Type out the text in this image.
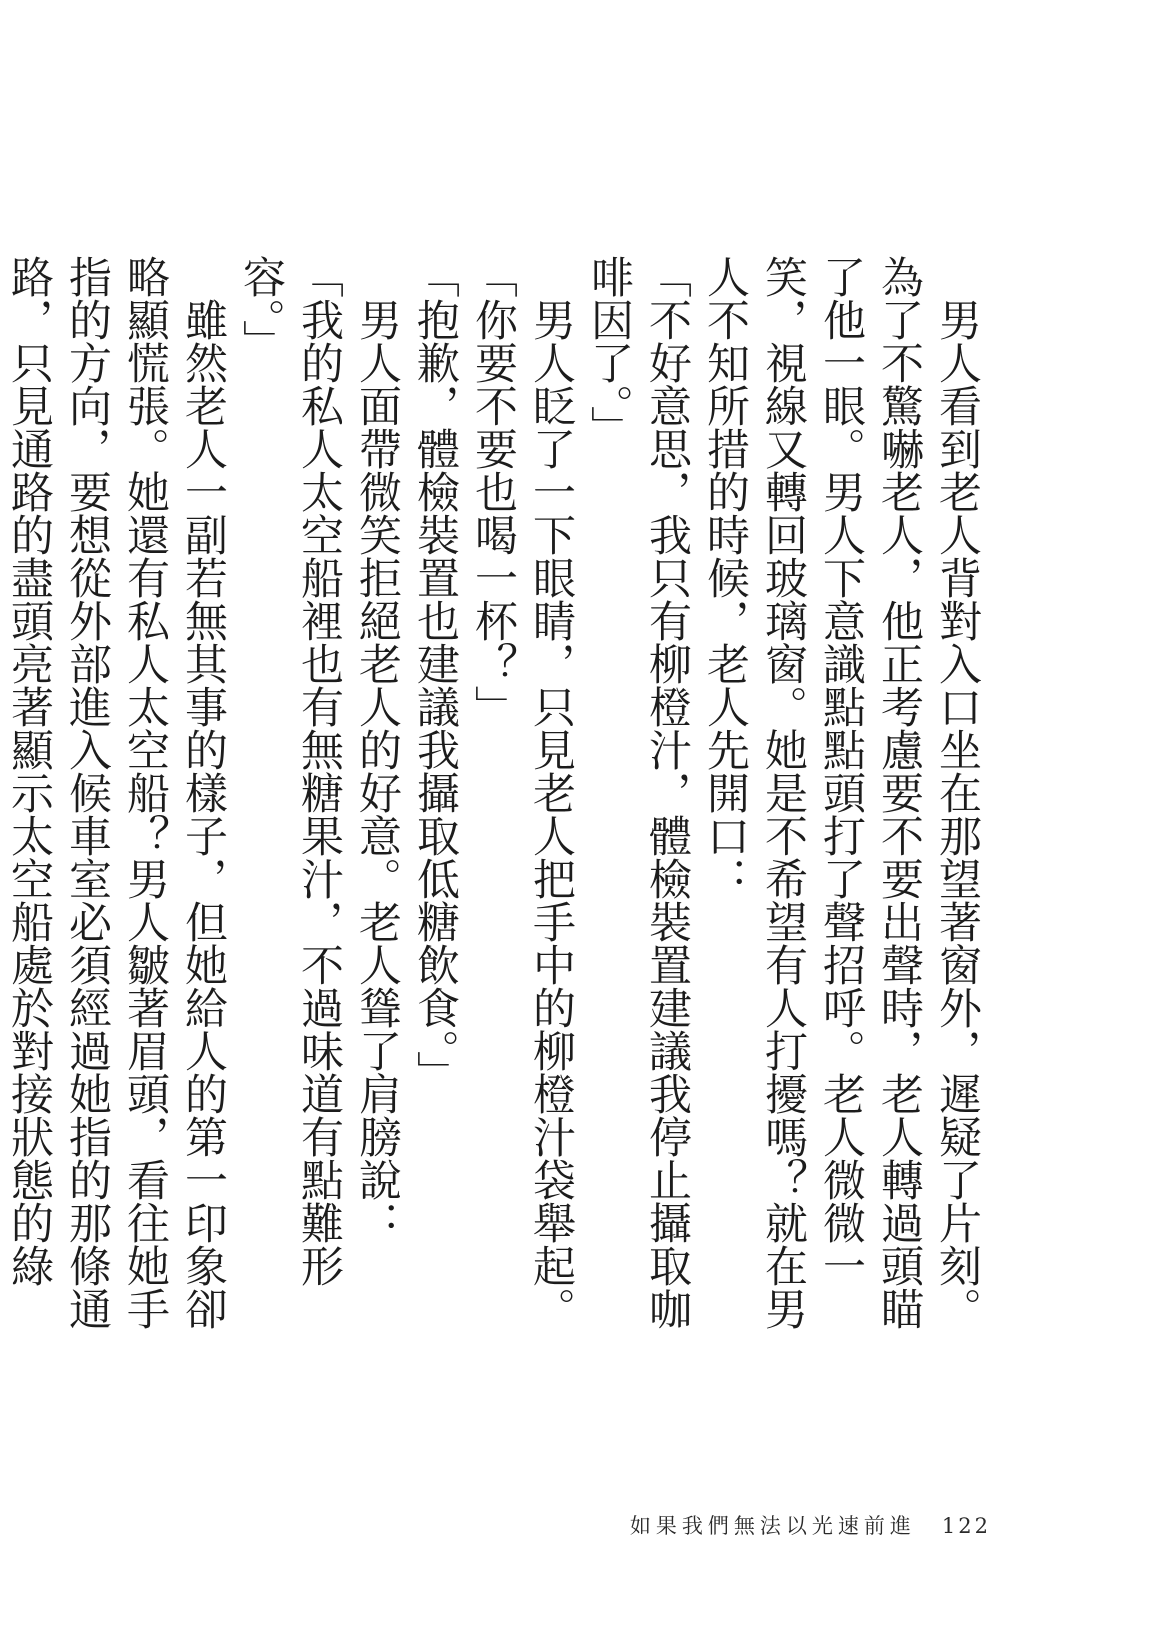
　男人看到老人背對入口坐在那望著窗外，遲疑了片刻。為了不驚嚇老人，他正考慮要不要出聲時，老人轉過頭瞄了他一眼。男人下意識點點頭打了聲招呼。老人微微一笑，視線又轉回玻璃窗。她是不希望有人打擾嗎？就在男人不知所措的時候，老人先開口：

「不好意思，我只有柳橙汁，體檢裝置建議我停止攝取咖啡因了。」

　男人眨了一下眼睛，只見老人把手中的柳橙汁袋舉起。

「你要不要也喝一杯？」

「抱歉，體檢裝置也建議我攝取低糖飲食。」

　男人面帶微笑拒絕老人的好意。老人聳了肩膀說：

「我的私人太空船裡也有無糖果汁，不過味道有點難形容。」

　雖然老人一副若無其事的樣子，但她給人的第一印象卻略顯慌張。她還有私人太空船？男人皺著眉頭，看往她手指的方向，要想從外部進入候車室必須經過她指的那條通路，只見通路的盡頭亮著顯示太空船處於對接狀態的綠

如果我們無法以光速前進 122
